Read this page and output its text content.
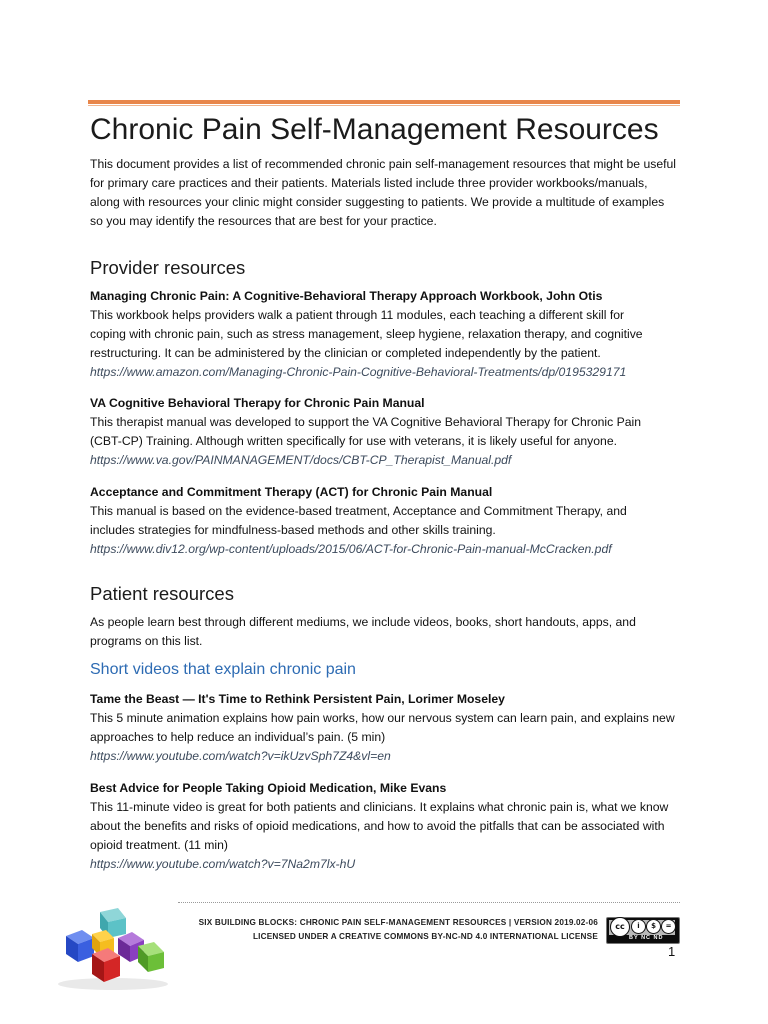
Chronic Pain Self-Management Resources

This document provides a list of recommended chronic pain self-management resources that might be useful for primary care practices and their patients. Materials listed include three provider workbooks/manuals, along with resources your clinic might consider suggesting to patients. We provide a multitude of examples so you may identify the resources that are best for your practice.

Provider resources
Managing Chronic Pain: A Cognitive-Behavioral Therapy Approach Workbook, John Otis
This workbook helps providers walk a patient through 11 modules, each teaching a different skill for coping with chronic pain, such as stress management, sleep hygiene, relaxation therapy, and cognitive restructuring. It can be administered by the clinician or completed independently by the patient.
https://www.amazon.com/Managing-Chronic-Pain-Cognitive-Behavioral-Treatments/dp/0195329171
VA Cognitive Behavioral Therapy for Chronic Pain Manual
This therapist manual was developed to support the VA Cognitive Behavioral Therapy for Chronic Pain (CBT-CP) Training. Although written specifically for use with veterans, it is likely useful for anyone.
https://www.va.gov/PAINMANAGEMENT/docs/CBT-CP_Therapist_Manual.pdf
Acceptance and Commitment Therapy (ACT) for Chronic Pain Manual
This manual is based on the evidence-based treatment, Acceptance and Commitment Therapy, and includes strategies for mindfulness-based methods and other skills training.
https://www.div12.org/wp-content/uploads/2015/06/ACT-for-Chronic-Pain-manual-McCracken.pdf
Patient resources

As people learn best through different mediums, we include videos, books, short handouts, apps, and programs on this list.

Short videos that explain chronic pain
Tame the Beast — It's Time to Rethink Persistent Pain, Lorimer Moseley
This 5 minute animation explains how pain works, how our nervous system can learn pain, and explains new approaches to help reduce an individual’s pain. (5 min)
https://www.youtube.com/watch?v=ikUzvSph7Z4&vl=en
Best Advice for People Taking Opioid Medication, Mike Evans
This 11-minute video is great for both patients and clinicians. It explains what chronic pain is, what we know about the benefits and risks of opioid medications, and how to avoid the pitfalls that can be associated with opioid treatment. (11 min)
https://www.youtube.com/watch?v=7Na2m7lx-hU
SIX BUILDING BLOCKS: CHRONIC PAIN SELF-MANAGEMENT RESOURCES | VERSION 2019.02-06
LICENSED UNDER A CREATIVE COMMONS BY-NC-ND 4.0 INTERNATIONAL LICENSE
cc	i	$	=
BY NC ND
1
